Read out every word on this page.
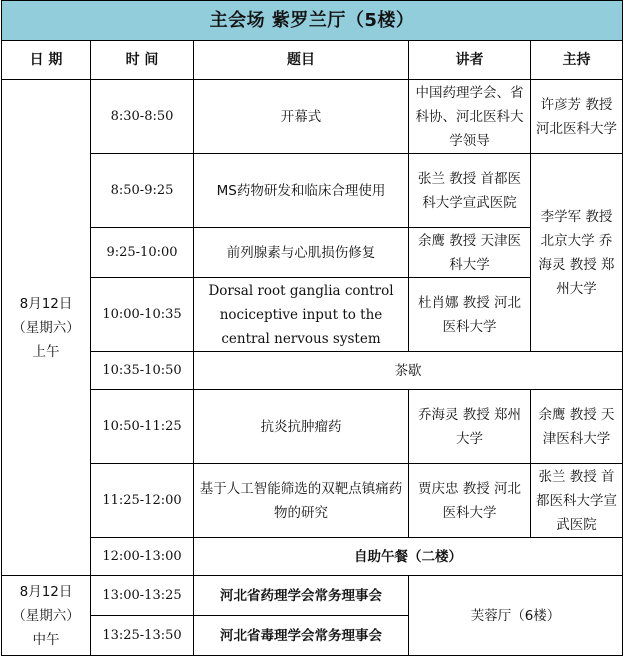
主会场 紫罗兰厅（5楼）				
日 期	时 间	题目	讲者	主持

8月12日
（星期六）
上午	8:30-8:50	开幕式	中国药理学会、省科协、河北医科大学领导	许彦芳 教授 河北医科大学
	8:50-9:25	MS药物研发和临床合理使用	张兰 教授 首都医科大学宣武医院	李学军 教授 北京大学 乔海灵 教授 郑州大学
	9:25-10:00	前列腺素与心肌损伤修复	余鹰 教授 天津医科大学	
	10:00-10:35	Dorsal root ganglia control nociceptive input to the central nervous system	杜肖娜 教授 河北医科大学	
	10:35-10:50	茶歇		
	10:50-11:25	抗炎抗肿瘤药	乔海灵 教授 郑州大学	余鹰 教授 天津医科大学
	11:25-12:00	基于人工智能筛选的双靶点镇痛药物的研究	贾庆忠 教授 河北医科大学	张兰 教授 首都医科大学宣武医院
	12:00-13:00	自助午餐（二楼）		

8月12日
（星期六）
中午	13:00-13:25	河北省药理学会常务理事会	芙蓉厅（6楼）	
	13:25-13:50	河北省毒理学会常务理事会		
